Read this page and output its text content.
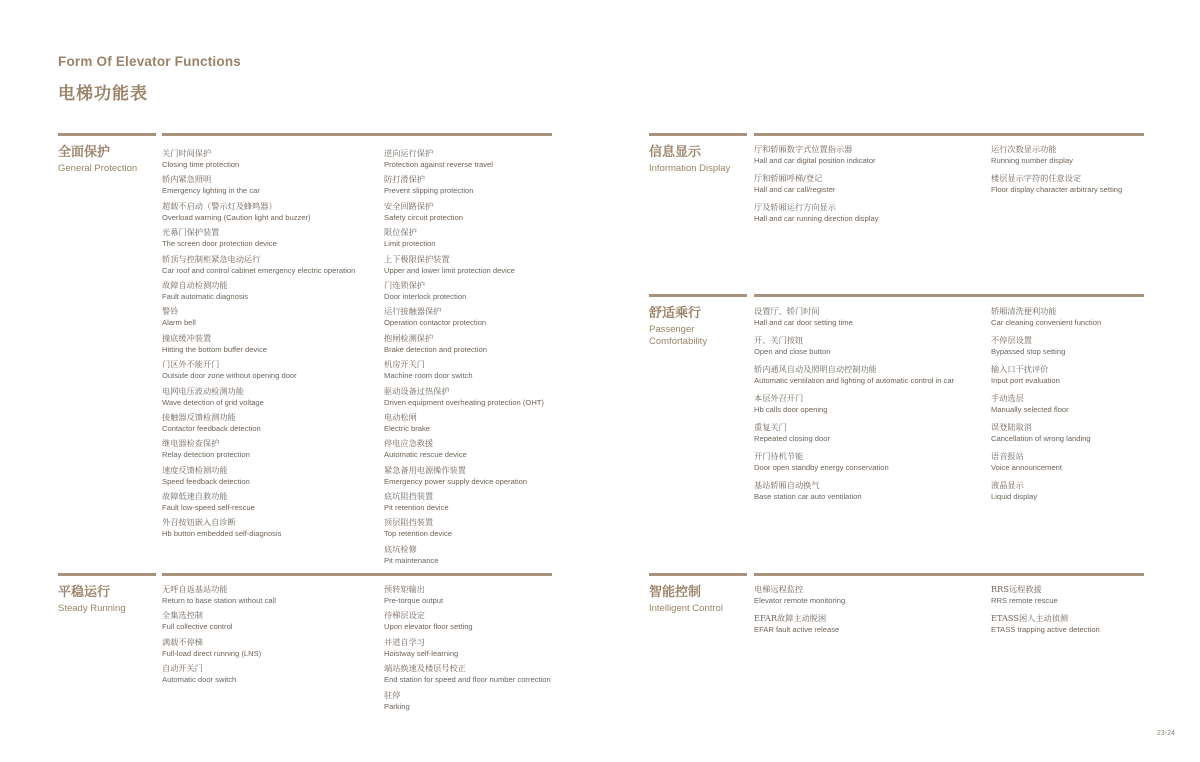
Form Of Elevator Functions
电梯功能表
全面保护
General Protection
关门时间保护
Closing time protection
轿内紧急照明
Emergency lighting in the car
超载不启动（警示灯及蜂鸣器）
Overload warning (Caution light and buzzer)
光幕门保护装置
The screen door protection device
轿顶与控制柜紧急电动运行
Car roof and control cabinet emergency electric operation
故障自动检测功能
Fault automatic diagnosis
警铃
Alarm bell
撞底缓冲装置
Hitting the bottom buffer device
门区外不能开门
Outside door zone without opening door
电网电压波动检测功能
Wave detection of grid voltage
接触器反馈检测功能
Contactor feedback detection
继电器检查保护
Relay detection protection
速度反馈检测功能
Speed feedback detection
故障低速自救功能
Fault low-speed self-rescue
外召按钮嵌入自诊断
Hb button embedded self-diagnosis
逆向运行保护
Protection against reverse travel
防打滑保护
Prevent slipping protection
安全回路保护
Safety circuit protection
限位保护
Limit protection
上下极限保护装置
Upper and lower limit protection device
门连锁保护
Door interlock protection
运行接触器保护
Operation contactor protection
抱闸检测保护
Brake detection and protection
机房开关门
Machine room door switch
驱动设备过热保护
Driven equipment overheating protection (OHT)
电动松闸
Electric brake
停电应急救援
Automatic rescue device
紧急备用电源操作装置
Emergency power supply device operation
底坑阻挡装置
Pit retention device
顶层阻挡装置
Top retention device
底坑检修
Pit maintenance
平稳运行
Steady Running
无呼自返基站功能
Return to base station without call
全集选控制
Full collective control
满载不停梯
Full-load direct running (LNS)
自动开关门
Automatic door switch
预转矩输出
Pre-torque output
待梯层设定
Upon elevator floor setting
井道自学习
Hoistway self-learning
端站换速及楼层号校正
End station for speed and floor number correction
驻停
Parking
信息显示
Information Display
厅和轿厢数字式位置指示器
Hall and car digital position indicator
厅和轿厢呼梯/登记
Hall and car call/register
厅及轿厢运行方向显示
Hall and car running direction display
运行次数显示功能
Running number display
楼层显示字符的任意设定
Floor display character arbitrary setting
舒适乘行
Passenger
Comfortability
设置厅、轿门时间
Hall and car door setting time
开、关门按钮
Open and close button
轿内通风自动及照明自动控制功能
Automatic ventilation and lighting of automatic control in car
本层外召开门
Hb calls door opening
重复关门
Repeated closing door
开门待机节能
Door open standby energy conservation
基站轿厢自动换气
Base station car auto ventilation
轿厢清洗便利功能
Car cleaning convenient function
不停层设置
Bypassed stop setting
输入口干扰评价
Input port evaluation
手动选层
Manually selected floor
误登陆取消
Cancellation of wrong landing
语音报站
Voice announcement
液晶显示
Liquid display
智能控制
Intelligent Control
电梯远程监控
Elevator remote monitoring
EFAR故障主动脱困
EFAR fault active release
RRS远程救援
RRS remote rescue
ETASS困人主动侦测
ETASS trapping active detection
23-24
